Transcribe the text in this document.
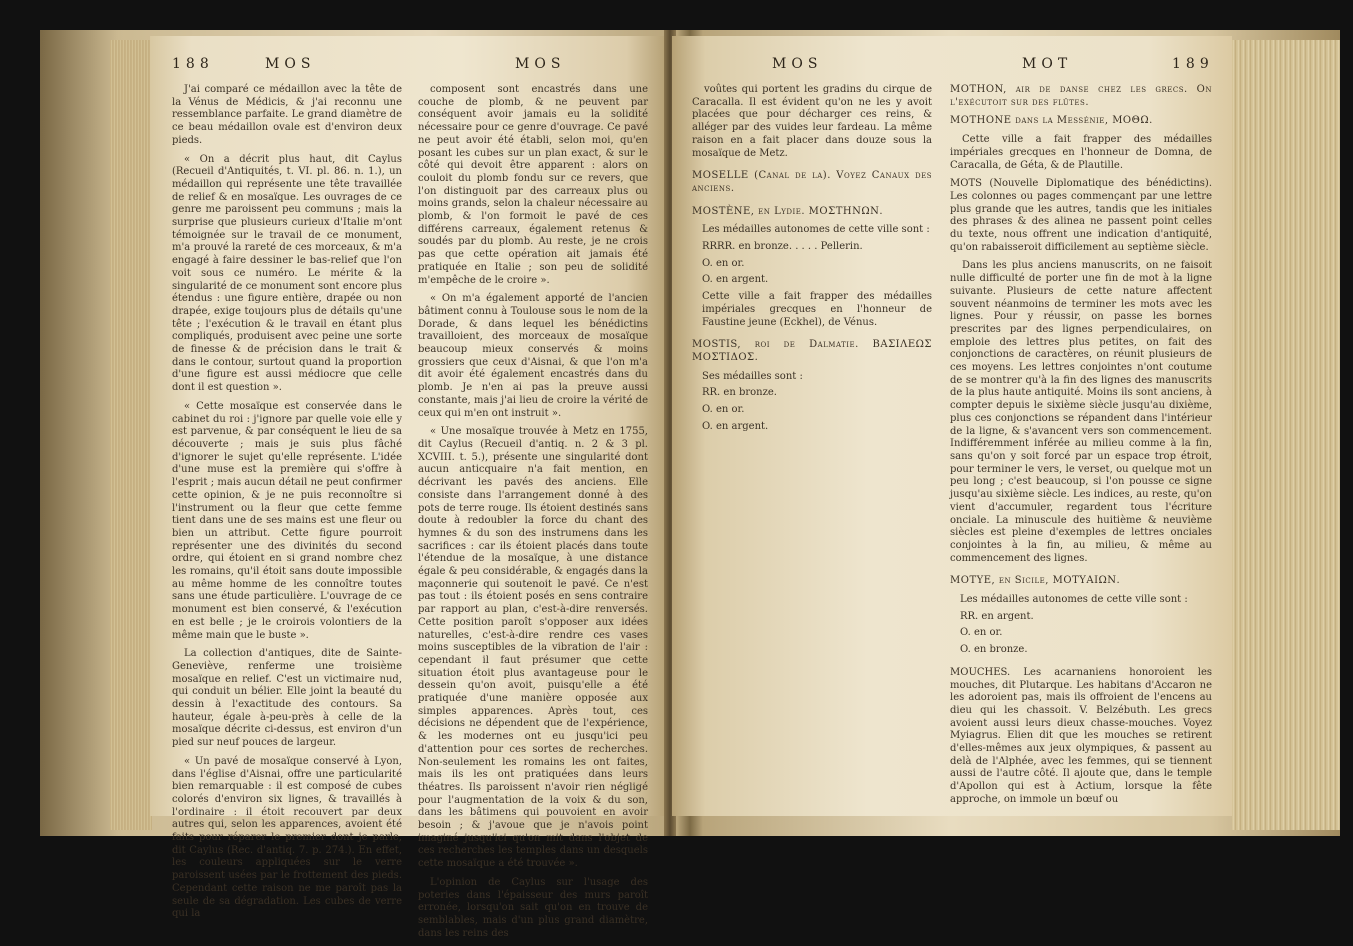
188	MOS	MOS

J'ai comparé ce médaillon avec la tête de la Vénus de Médicis, & j'ai reconnu une ressemblance parfaite. Le grand diamètre de ce beau médaillon ovale est d'environ deux pieds.

« On a décrit plus haut, dit Caylus (Recueil d'Antiquités, t. VI. pl. 86. n. 1.), un médaillon qui représente une tête travaillée de relief & en mosaïque. Les ouvrages de ce genre me paroissent peu communs ; mais la surprise que plusieurs curieux d'Italie m'ont témoignée sur le travail de ce monument, m'a prouvé la rareté de ces morceaux, & m'a engagé à faire dessiner le bas-relief que l'on voit sous ce numéro. Le mérite & la singularité de ce monument sont encore plus étendus : une figure entière, drapée ou non drapée, exige toujours plus de détails qu'une tête ; l'exécution & le travail en étant plus compliqués, produisent avec peine une sorte de finesse & de précision dans le trait & dans le contour, surtout quand la proportion d'une figure est aussi médiocre que celle dont il est question ».

« Cette mosaïque est conservée dans le cabinet du roi : j'ignore par quelle voie elle y est parvenue, & par conséquent le lieu de sa découverte ; mais je suis plus fâché d'ignorer le sujet qu'elle représente. L'idée d'une muse est la première qui s'offre à l'esprit ; mais aucun détail ne peut confirmer cette opinion, & je ne puis reconnoître si l'instrument ou la fleur que cette femme tient dans une de ses mains est une fleur ou bien un attribut. Cette figure pourroit représenter une des divinités du second ordre, qui étoient en si grand nombre chez les romains, qu'il étoit sans doute impossible au même homme de les connoître toutes sans une étude particulière. L'ouvrage de ce monument est bien conservé, & l'exécution en est belle ; je le croirois volontiers de la même main que le buste ».

La collection d'antiques, dite de Sainte-Geneviève, renferme une troisième mosaïque en relief. C'est un victimaire nud, qui conduit un bélier. Elle joint la beauté du dessin à l'exactitude des contours. Sa hauteur, égale à-peu-près à celle de la mosaïque décrite ci-dessus, est environ d'un pied sur neuf pouces de largeur.

« Un pavé de mosaïque conservé à Lyon, dans l'église d'Aisnai, offre une particularité bien remarquable : il est composé de cubes colorés d'environ six lignes, & travaillés à l'ordinaire : il étoit recouvert par deux autres qui, selon les apparences, avoient été faits pour réparer le premier dont je parle, dit Caylus (Rec. d'antiq. 7. p. 274.). En effet, les couleurs appliquées sur le verre paroissent usées par le frottement des pieds. Cependant cette raison ne me paroît pas la seule de sa dégradation. Les cubes de verre qui la

composent sont encastrés dans une couche de plomb, & ne peuvent par conséquent avoir jamais eu la solidité nécessaire pour ce genre d'ouvrage. Ce pavé ne peut avoir été établi, selon moi, qu'en posant les cubes sur un plan exact, & sur le côté qui devoit être apparent : alors on couloit du plomb fondu sur ce revers, que l'on distinguoit par des carreaux plus ou moins grands, selon la chaleur nécessaire au plomb, & l'on formoit le pavé de ces différens carreaux, également retenus & soudés par du plomb. Au reste, je ne crois pas que cette opération ait jamais été pratiquée en Italie ; son peu de solidité m'empêche de le croire ».

« On m'a également apporté de l'ancien bâtiment connu à Toulouse sous le nom de la Dorade, & dans lequel les bénédictins travailloient, des morceaux de mosaïque beaucoup mieux conservés & moins grossiers que ceux d'Aisnai, & que l'on m'a dit avoir été également encastrés dans du plomb. Je n'en ai pas la preuve aussi constante, mais j'ai lieu de croire la vérité de ceux qui m'en ont instruit ».

« Une mosaïque trouvée à Metz en 1755, dit Caylus (Recueil d'antiq. n. 2 & 3 pl. XCVIII. t. 5.), présente une singularité dont aucun anticquaire n'a fait mention, en décrivant les pavés des anciens. Elle consiste dans l'arrangement donné à des pots de terre rouge. Ils étoient destinés sans doute à redoubler la force du chant des hymnes & du son des instrumens dans les sacrifices : car ils étoient placés dans toute l'étendue de la mosaïque, à une distance égale & peu considérable, & engagés dans la maçonnerie qui soutenoit le pavé. Ce n'est pas tout : ils étoient posés en sens contraire par rapport au plan, c'est-à-dire renversés. Cette position paroît s'opposer aux idées naturelles, c'est-à-dire rendre ces vases moins susceptibles de la vibration de l'air : cependant il faut présumer que cette situation étoit plus avantageuse pour le dessein qu'on avoit, puisqu'elle a été pratiquée d'une manière opposée aux simples apparences. Après tout, ces décisions ne dépendent que de l'expérience, & les modernes ont eu jusqu'ici peu d'attention pour ces sortes de recherches. Non-seulement les romains les ont faites, mais ils les ont pratiquées dans leurs théatres. Ils paroissent n'avoir rien négligé pour l'augmentation de la voix & du son, dans les bâtimens qui pouvoient en avoir besoin ; & j'avoue que je n'avois point imaginé jusqu'ici qu'on mit dans l'objet de ces recherches les temples dans un desquels cette mosaïque a été trouvée ».

L'opinion de Caylus sur l'usage des poteries dans l'épaisseur des murs paroît erronée, lorsqu'on sait qu'on en trouve de semblables, mais d'un plus grand diamètre, dans les reins des

MOS	MOT	189

voûtes qui portent les gradins du cirque de Caracalla. Il est évident qu'on ne les y avoit placées que pour décharger ces reins, & alléger par des vuides leur fardeau. La même raison en a fait placer dans douze sous la mosaïque de Metz.

MOSELLE (Canal de la). Voyez Canaux des anciens.

MOSTÈNE, en Lydie. ΜΟΣΤΗΝΩΝ.

Les médailles autonomes de cette ville sont :

RRRR. en bronze. . . . . Pellerin.

O. en or.

O. en argent.

Cette ville a fait frapper des médailles impériales grecques en l'honneur de Faustine jeune (Eckhel), de Vénus.

MOSTIS, roi de Dalmatie. ΒΑΣΙΛΕΩΣ ΜΟΣΤΙΔΟΣ.

Ses médailles sont :

RR. en bronze.

O. en or.

O. en argent.

MOTHON, air de danse chez les grecs. On l'exécutoit sur des flûtes.

MOTHONE dans la Messénie, ΜΟΘΩ.

Cette ville a fait frapper des médailles impériales grecques en l'honneur de Domna, de Caracalla, de Géta, & de Plautille.

MOTS (Nouvelle Diplomatique des bénédictins). Les colonnes ou pages commençant par une lettre plus grande que les autres, tandis que les initiales des phrases & des alinea ne passent point celles du texte, nous offrent une indication d'antiquité, qu'on rabaisseroit difficilement au septième siècle.

Dans les plus anciens manuscrits, on ne faisoit nulle difficulté de porter une fin de mot à la ligne suivante. Plusieurs de cette nature affectent souvent néanmoins de terminer les mots avec les lignes. Pour y réussir, on passe les bornes prescrites par des lignes perpendiculaires, on emploie des lettres plus petites, on fait des conjonctions de caractères, on réunit plusieurs de ces moyens. Les lettres conjointes n'ont coutume de se montrer qu'à la fin des lignes des manuscrits de la plus haute antiquité. Moins ils sont anciens, à compter depuis le sixième siècle jusqu'au dixième, plus ces conjonctions se répandent dans l'intérieur de la ligne, & s'avancent vers son commencement. Indifféremment inférée au milieu comme à la fin, sans qu'on y soit forcé par un espace trop étroit, pour terminer le vers, le verset, ou quelque mot un peu long ; c'est beaucoup, si l'on pousse ce signe jusqu'au sixième siècle. Les indices, au reste, qu'on vient d'accumuler, regardent tous l'écriture onciale. La minuscule des huitième & neuvième siècles est pleine d'exemples de lettres onciales conjointes à la fin, au milieu, & même au commencement des lignes.

MOTYE, en Sicile, ΜΟΤΥΑΙΩΝ.

Les médailles autonomes de cette ville sont :

RR. en argent.

O. en or.

O. en bronze.

MOUCHES. Les acarnaniens honoroient les mouches, dit Plutarque. Les habitans d'Accaron ne les adoroient pas, mais ils offroient de l'encens au dieu qui les chassoit. V. Belzébuth. Les grecs avoient aussi leurs dieux chasse-mouches. Voyez Myiagrus. Elien dit que les mouches se retirent d'elles-mêmes aux jeux olympiques, & passent au delà de l'Alphée, avec les femmes, qui se tiennent aussi de l'autre côté. Il ajoute que, dans le temple d'Apollon qui est à Actium, lorsque la fête approche, on immole un bœuf ou
